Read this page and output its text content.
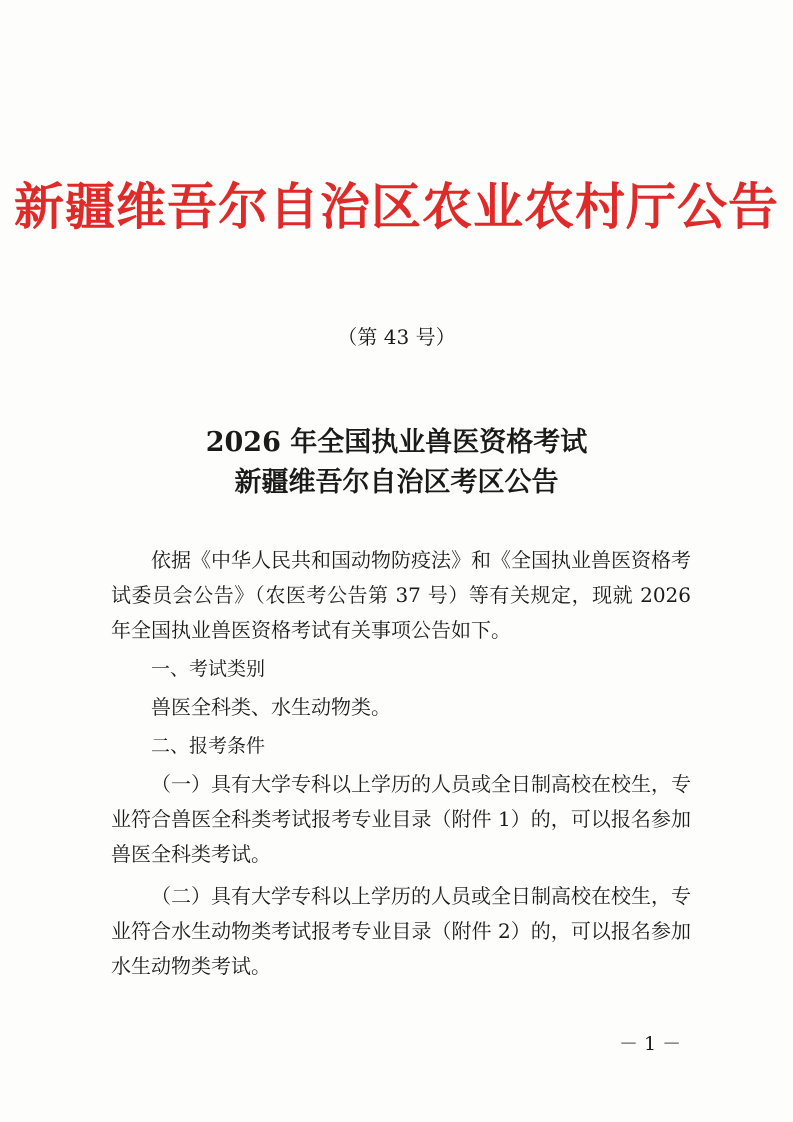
新疆维吾尔自治区农业农村厅公告
（第 43 号）
2026 年全国执业兽医资格考试
新疆维吾尔自治区考区公告
依据《中华人民共和国动物防疫法》和《全国执业兽医资格考试委员会公告》（农医考公告第 37 号）等有关规定，现就 2026 年全国执业兽医资格考试有关事项公告如下。
一、考试类别
兽医全科类、水生动物类。
二、报考条件
（一）具有大学专科以上学历的人员或全日制高校在校生，专业符合兽医全科类考试报考专业目录（附件 1）的，可以报名参加兽医全科类考试。
（二）具有大学专科以上学历的人员或全日制高校在校生，专业符合水生动物类考试报考专业目录（附件 2）的，可以报名参加水生动物类考试。
－ 1 －
